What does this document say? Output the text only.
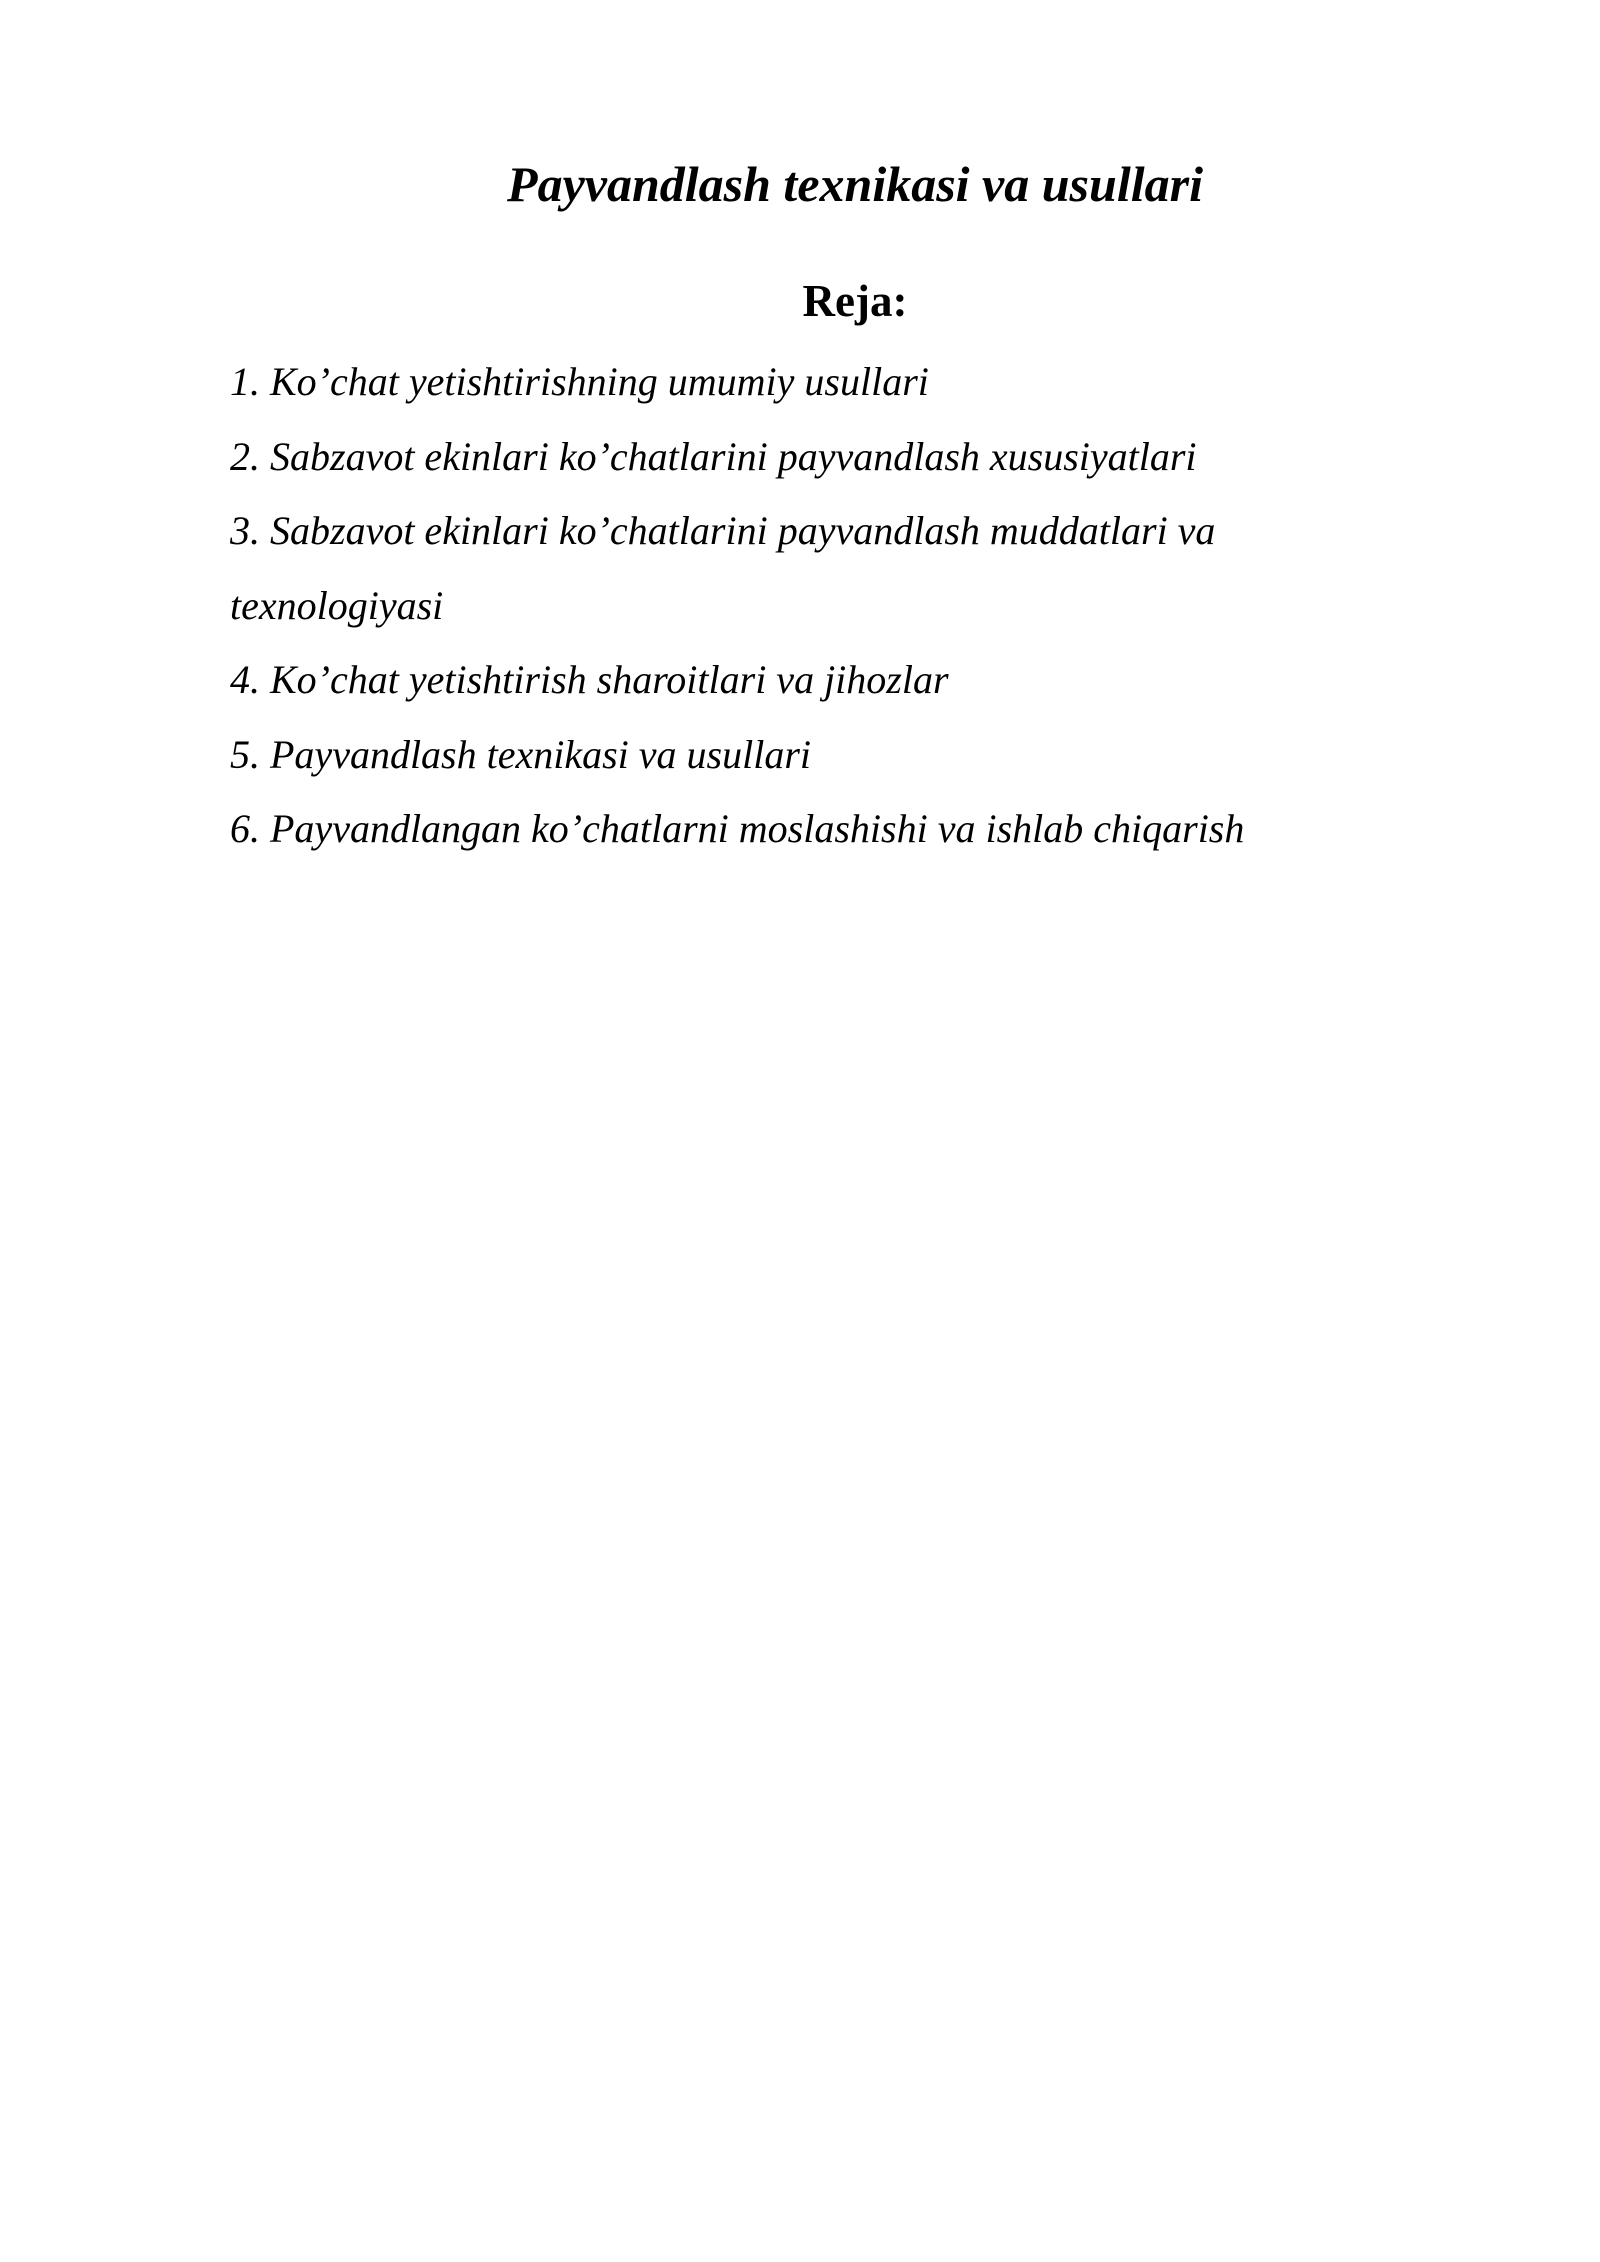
Payvandlash texnikasi va usullari
Reja:
1. Ko’chat yetishtirishning umumiy usullari
2. Sabzavot ekinlari ko’chatlarini payvandlash xususiyatlari
3. Sabzavot ekinlari ko’chatlarini payvandlash muddatlari va texnologiyasi
4. Ko’chat yetishtirish sharoitlari va jihozlar
5. Payvandlash texnikasi va usullari
6. Payvandlangan ko’chatlarni moslashishi va ishlab chiqarish
